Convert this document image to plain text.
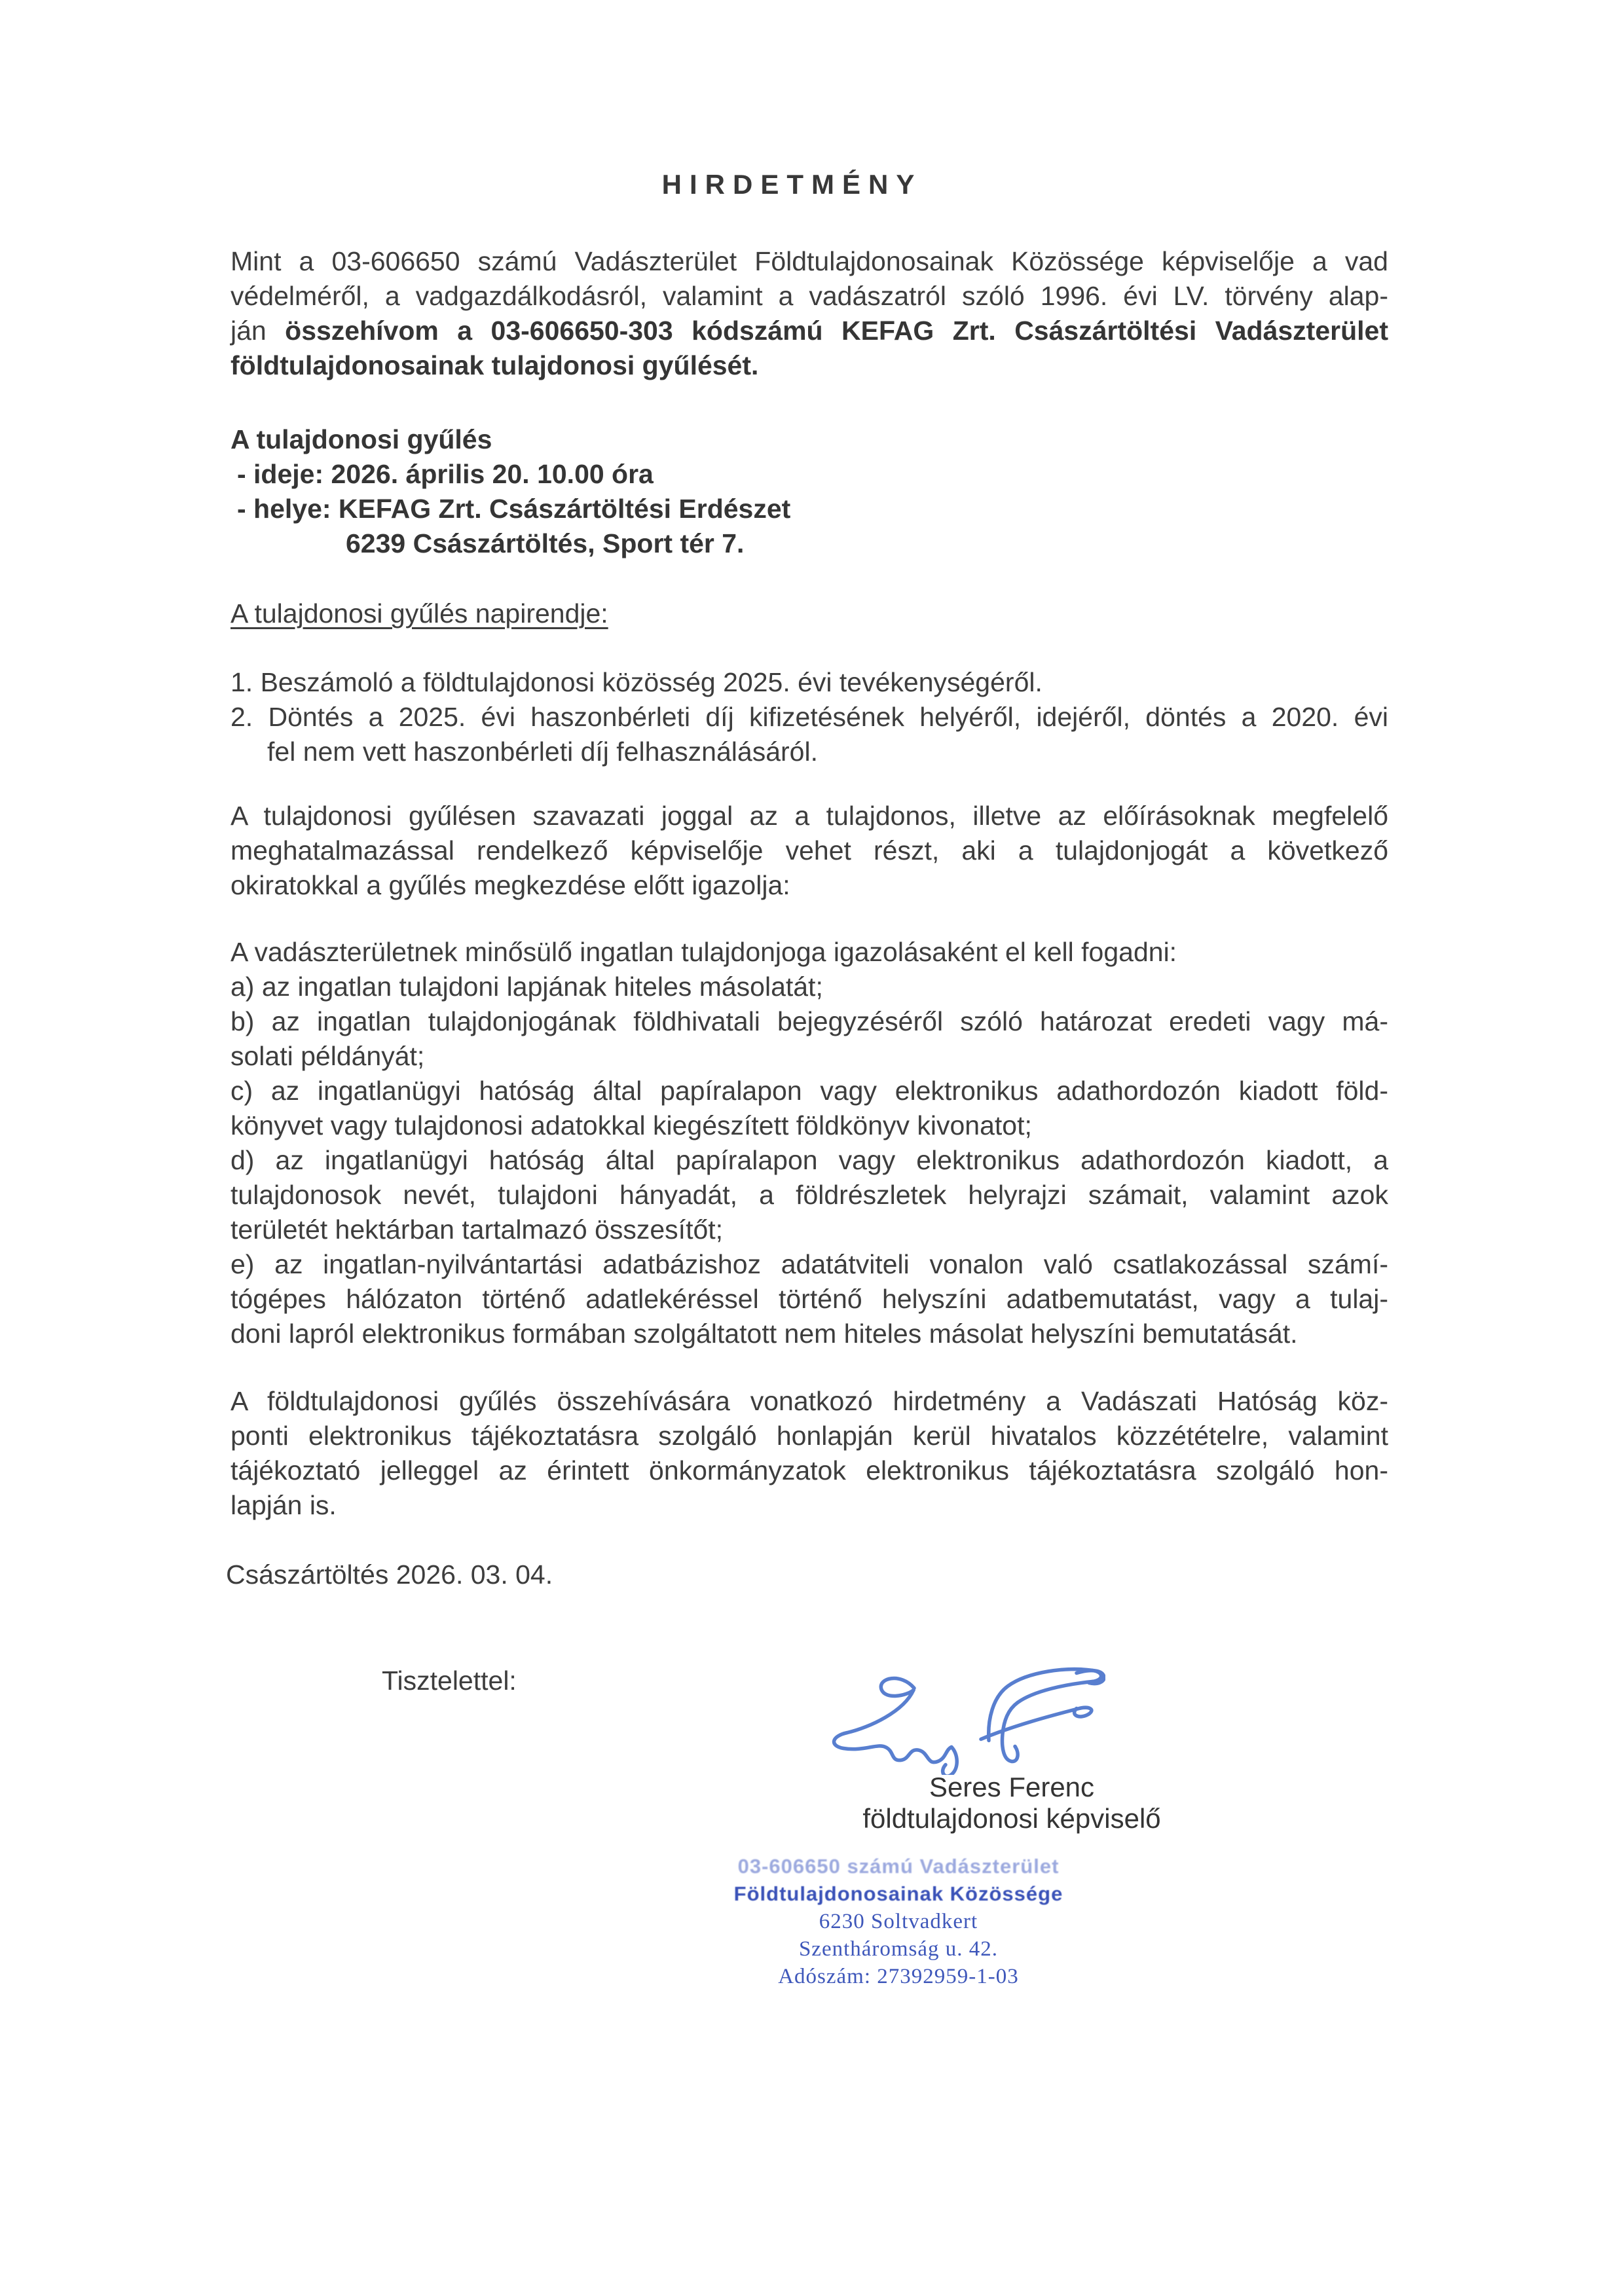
HIRDETMÉNY
Mint a 03-606650 számú Vadászterület Földtulajdonosainak Közössége képviselője a vad
védelméről, a vadgazdálkodásról, valamint a vadászatról szóló 1996. évi LV. törvény alap-
ján összehívom a 03-606650-303 kódszámú KEFAG Zrt. Császártöltési Vadászterület
földtulajdonosainak tulajdonosi gyűlését.
A tulajdonosi gyűlés
- ideje: 2026. április 20. 10.00 óra
- helye: KEFAG Zrt. Császártöltési Erdészet
6239 Császártöltés, Sport tér 7.
A tulajdonosi gyűlés napirendje:
1. Beszámoló a földtulajdonosi közösség 2025. évi tevékenységéről.
2. Döntés a 2025. évi haszonbérleti díj kifizetésének helyéről, idejéről, döntés a 2020. évi
fel nem vett haszonbérleti díj felhasználásáról.
A tulajdonosi gyűlésen szavazati joggal az a tulajdonos, illetve az előírásoknak megfelelő
meghatalmazással rendelkező képviselője vehet részt, aki a tulajdonjogát a következő
okiratokkal a gyűlés megkezdése előtt igazolja:
A vadászterületnek minősülő ingatlan tulajdonjoga igazolásaként el kell fogadni:
a) az ingatlan tulajdoni lapjának hiteles másolatát;
b) az ingatlan tulajdonjogának földhivatali bejegyzéséről szóló határozat eredeti vagy má-
solati példányát;
c) az ingatlanügyi hatóság által papíralapon vagy elektronikus adathordozón kiadott föld-
könyvet vagy tulajdonosi adatokkal kiegészített földkönyv kivonatot;
d) az ingatlanügyi hatóság által papíralapon vagy elektronikus adathordozón kiadott, a
tulajdonosok nevét, tulajdoni hányadát, a földrészletek helyrajzi számait, valamint azok
területét hektárban tartalmazó összesítőt;
e) az ingatlan-nyilvántartási adatbázishoz adatátviteli vonalon való csatlakozással számí-
tógépes hálózaton történő adatlekéréssel történő helyszíni adatbemutatást, vagy a tulaj-
doni lapról elektronikus formában szolgáltatott nem hiteles másolat helyszíni bemutatását.
A földtulajdonosi gyűlés összehívására vonatkozó hirdetmény a Vadászati Hatóság köz-
ponti elektronikus tájékoztatásra szolgáló honlapján kerül hivatalos közzétételre, valamint
tájékoztató jelleggel az érintett önkormányzatok elektronikus tájékoztatásra szolgáló hon-
lapján is.
Császártöltés 2026. 03. 04.
Tisztelettel:
Seres Ferenc
földtulajdonosi képviselő
03-606650 számú Vadászterület
Földtulajdonosainak Közössége
6230 Soltvadkert
Szentháromság u. 42.
Adószám: 27392959-1-03
